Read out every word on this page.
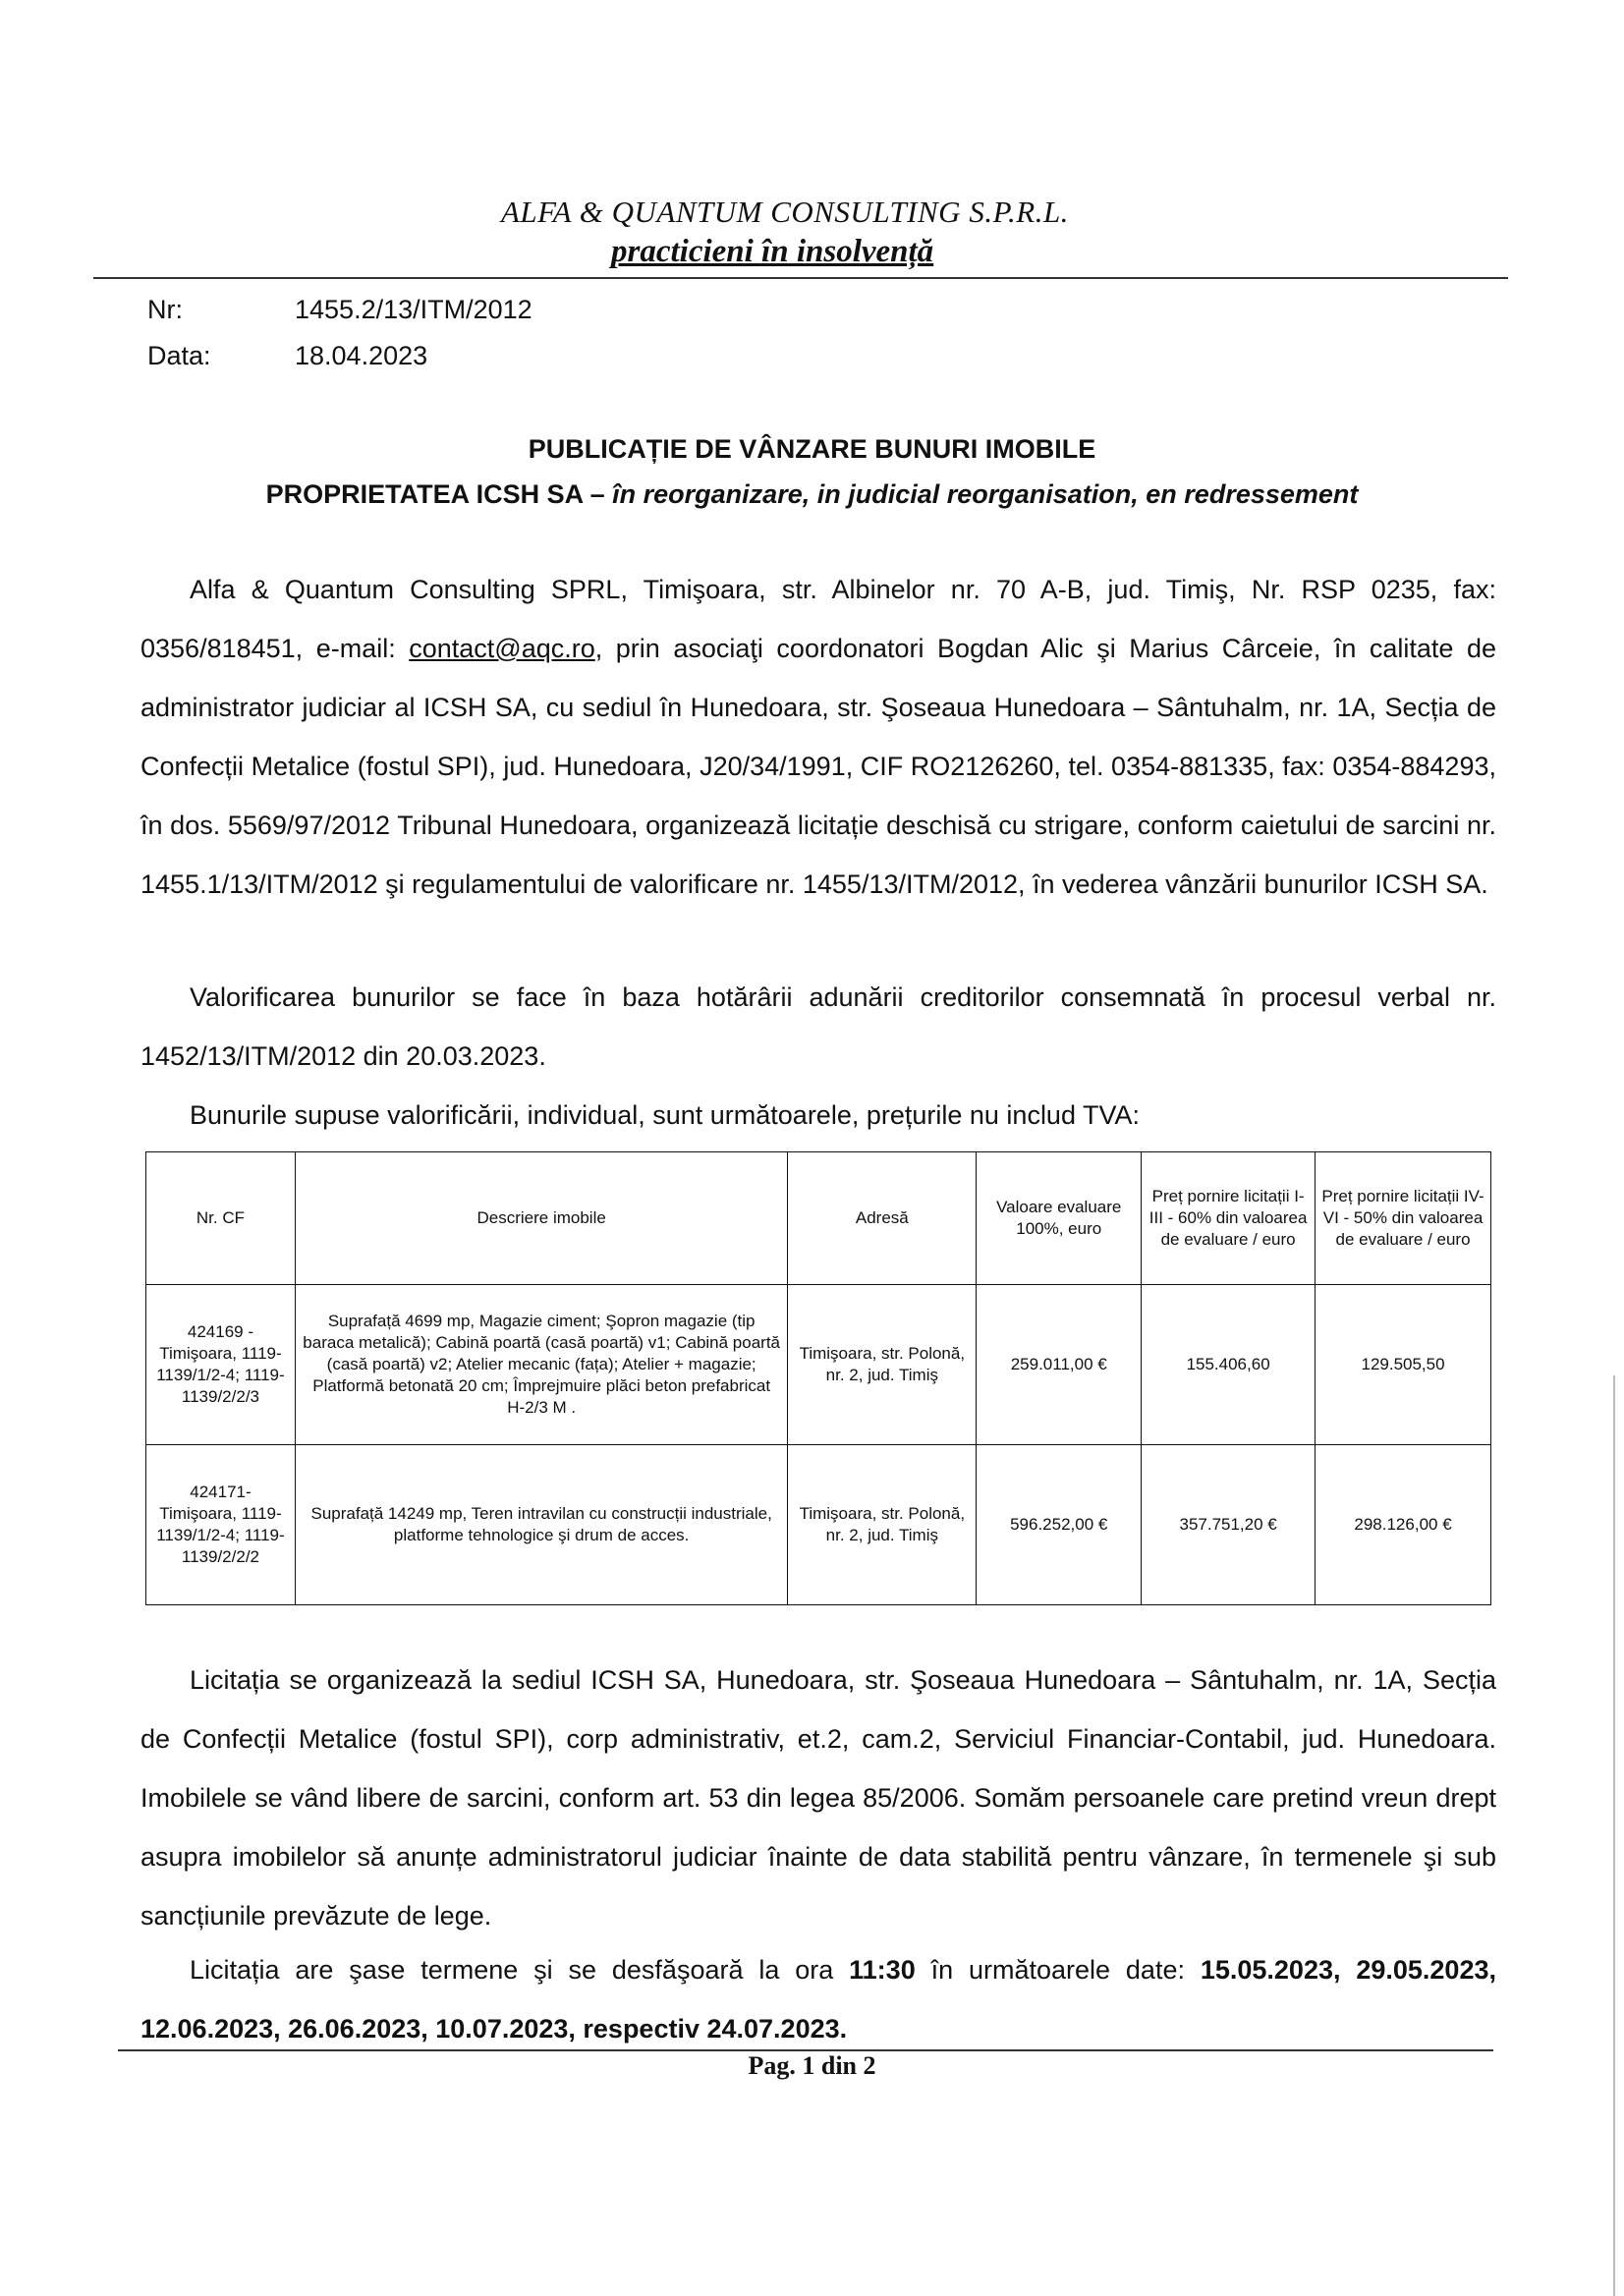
ALFA & QUANTUM CONSULTING S.P.R.L.
practicieni în insolvență
Nr:	1455.2/13/ITM/2012
Data:	18.04.2023
PUBLICAȚIE DE VÂNZARE BUNURI IMOBILE
PROPRIETATEA ICSH SA – în reorganizare, in judicial reorganisation, en redressement
Alfa & Quantum Consulting SPRL, Timişoara, str. Albinelor nr. 70 A-B, jud. Timiş, Nr. RSP 0235, fax: 0356/818451, e-mail: contact@aqc.ro, prin asociaţi coordonatori Bogdan Alic şi Marius Cârceie, în calitate de administrator judiciar al ICSH SA, cu sediul în Hunedoara, str. Şoseaua Hunedoara – Sântuhalm, nr. 1A, Secția de Confecții Metalice (fostul SPI), jud. Hunedoara, J20/34/1991, CIF RO2126260, tel. 0354-881335, fax: 0354-884293, în dos. 5569/97/2012 Tribunal Hunedoara, organizează licitație deschisă cu strigare, conform caietului de sarcini nr. 1455.1/13/ITM/2012 şi regulamentului de valorificare nr. 1455/13/ITM/2012, în vederea vânzării bunurilor ICSH SA.
Valorificarea bunurilor se face în baza hotărârii adunării creditorilor consemnată în procesul verbal nr. 1452/13/ITM/2012 din 20.03.2023.
Bunurile supuse valorificării, individual, sunt următoarele, prețurile nu includ TVA:
Nr. CF	Descriere imobile	Adresă	Valoare evaluare 100%, euro	Preț pornire licitații I-III - 60% din valoarea de evaluare / euro	Preț pornire licitații IV-VI - 50% din valoarea de evaluare / euro
424169 - Timişoara, 1119-1139/1/2-4; 1119-1139/2/2/3	Suprafață 4699 mp, Magazie ciment; Şopron magazie (tip baraca metalică); Cabină poartă (casă poartă) v1; Cabină poartă (casă poartă) v2; Atelier mecanic (fața); Atelier + magazie; Platformă betonată 20 cm; Împrejmuire plăci beton prefabricat H-2/3 M .	Timişoara, str. Polonă, nr. 2, jud. Timiş	259.011,00 €	155.406,60	129.505,50
424171- Timişoara, 1119-1139/1/2-4; 1119-1139/2/2/2	Suprafață 14249 mp, Teren intravilan cu construcții industriale, platforme tehnologice şi drum de acces.	Timişoara, str. Polonă, nr. 2, jud. Timiş	596.252,00 €	357.751,20 €	298.126,00 €
Licitația se organizează la sediul ICSH SA, Hunedoara, str. Şoseaua Hunedoara – Sântuhalm, nr. 1A, Secția de Confecții Metalice (fostul SPI), corp administrativ, et.2, cam.2, Serviciul Financiar-Contabil, jud. Hunedoara. Imobilele se vând libere de sarcini, conform art. 53 din legea 85/2006. Somăm persoanele care pretind vreun drept asupra imobilelor să anunțe administratorul judiciar înainte de data stabilită pentru vânzare, în termenele şi sub sancțiunile prevăzute de lege.
Licitația are şase termene şi se desfăşoară la ora 11:30 în următoarele date: 15.05.2023, 29.05.2023, 12.06.2023, 26.06.2023, 10.07.2023, respectiv 24.07.2023.
Pag. 1 din 2
